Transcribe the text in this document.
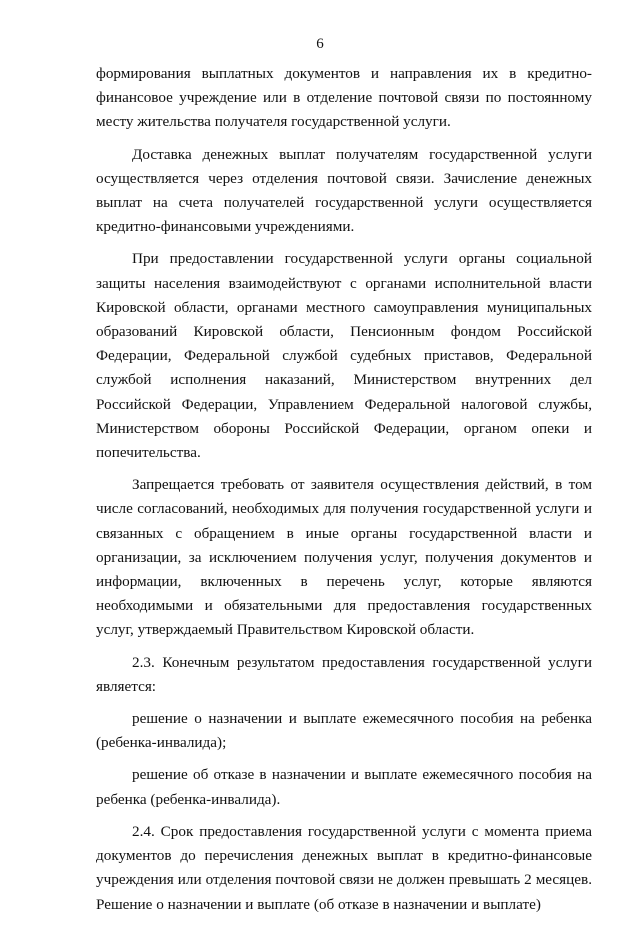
6

формирования выплатных документов и направления их в кредитно-финансовое учреждение или в отделение почтовой связи по постоянному месту жительства получателя государственной услуги.

Доставка денежных выплат получателям государственной услуги осуществляется через отделения почтовой связи. Зачисление денежных выплат на счета получателей государственной услуги осуществляется кредитно-финансовыми учреждениями.

При предоставлении государственной услуги органы социальной защиты населения взаимодействуют с органами исполнительной власти Кировской области, органами местного самоуправления муниципальных образований Кировской области, Пенсионным фондом Российской Федерации, Федеральной службой судебных приставов, Федеральной службой исполнения наказаний, Министерством внутренних дел Российской Федерации, Управлением Федеральной налоговой службы, Министерством обороны Российской Федерации, органом опеки и попечительства.

Запрещается требовать от заявителя осуществления действий, в том числе согласований, необходимых для получения государственной услуги и связанных с обращением в иные органы государственной власти и организации, за исключением получения услуг, получения документов и информации, включенных в перечень услуг, которые являются необходимыми и обязательными для предоставления государственных услуг, утверждаемый Правительством Кировской области.

2.3. Конечным результатом предоставления государственной услуги является:

решение о назначении и выплате ежемесячного пособия на ребенка (ребенка-инвалида);

решение об отказе в назначении и выплате ежемесячного пособия на ребенка (ребенка-инвалида).

2.4. Срок предоставления государственной услуги с момента приема документов до перечисления денежных выплат в кредитно-финансовые учреждения или отделения почтовой связи не должен превышать 2 месяцев. Решение о назначении и выплате (об отказе в назначении и выплате)
